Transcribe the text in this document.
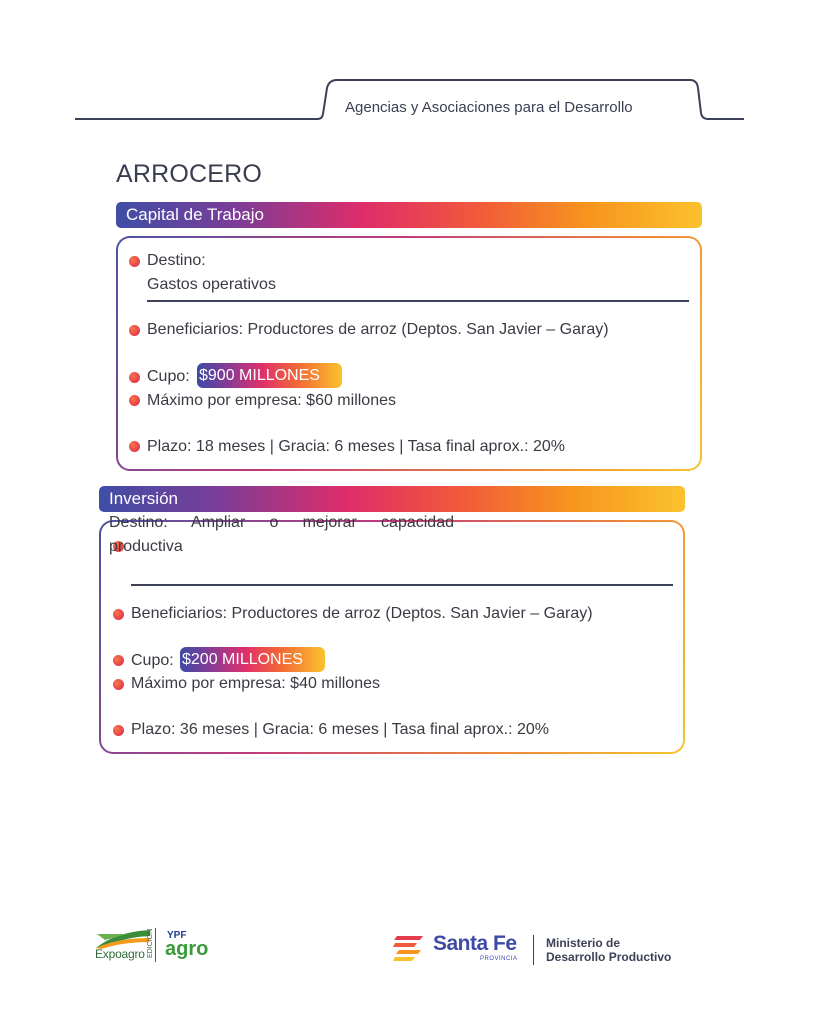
Agencias y Asociaciones para el Desarrollo
ARROCERO
Capital de Trabajo
Destino:
Gastos operativos
Beneficiarios: Productores de arroz (Deptos. San Javier – Garay)
Cupo: $900 MILLONES
Máximo por empresa: $60 millones
Plazo: 18 meses | Gracia: 6 meses | Tasa final aprox.: 20%
Inversión
Destino: Ampliar o mejorar capacidad
productiva
Beneficiarios: Productores de arroz (Deptos. San Javier – Garay)
Cupo: $200 MILLONES
Máximo por empresa: $40 millones
Plazo: 36 meses | Gracia: 6 meses | Tasa final aprox.: 20%
Expoagro EDICIÓN YPF
agro	Santa Fe
PROVINCIA
Ministerio de
Desarrollo Productivo
